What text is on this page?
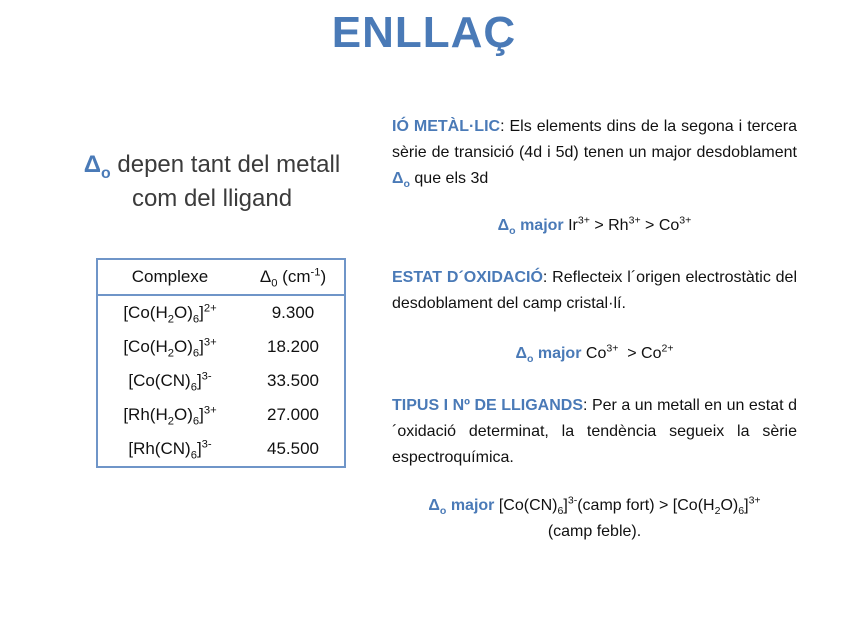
ENLLAÇ
$\Delta_o$ depen tant del metall com del lligand
Complexe	$\Delta_0$ $(cm^{-1})$
$[Co(H_2O)_6]^{2+}$	9.300
$[Co(H_2O)_6]^{3+}$	18.200
$[Co(CN)_6]^{3-}$	33.500
$[Rh(H_2O)_6]^{3+}$	27.000
$[Rh(CN)_6]^{3-}$	45.500
IÓ METÀL·LIC: Els elements dins de la segona i tercera sèrie de transició (4d i 5d) tenen un major desdoblament $\Delta_o$ que els 3d
$\Delta_o$ major $Ir^{3+} > Rh^{3+} > Co^{3+}$
ESTAT D´OXIDACIÓ: Reflecteix l´origen electrostàtic del desdoblament del camp cristal·lí.
$\Delta_o$ major $Co^{3+} > Co^{2+}$
TIPUS I Nº DE LLIGANDS: Per a un metall en un estat d´oxidació determinat, la tendència segueix la sèrie espectroquímica.
$\Delta_o$ major $[Co(CN)_6]^{3-}(camp$ fort) > $[Co(H_2O)_6]^{3+}$
(camp feble).
